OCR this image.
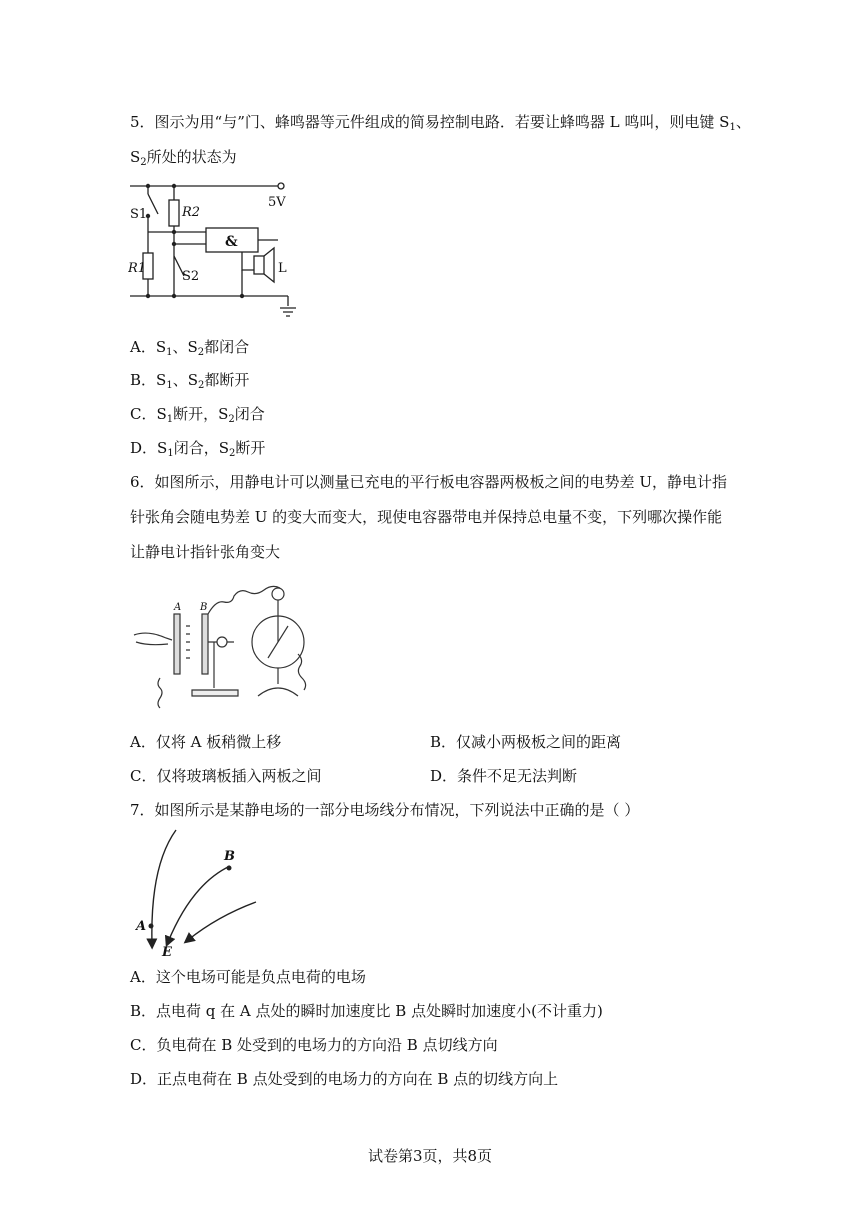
5．图示为用“与”门、蜂鸣器等元件组成的简易控制电路．若要让蜂鸣器 L 鸣叫，则电键 $S_1$、
$S_2$所处的状态为
5V
S1	R2
&
R1
S2
L
A．$S_1$、$S_2$都闭合
B．$S_1$、$S_2$都断开
C．$S_1$断开，$S_2$闭合
D．$S_1$闭合，$S_2$断开
6．如图所示，用静电计可以测量已充电的平行板电容器两极板之间的电势差 U，静电计指
针张角会随电势差 U 的变大而变大，现使电容器带电并保持总电量不变，下列哪次操作能
让静电计指针张角变大
A B
A．仅将 A 板稍微上移	B．仅减小两极板之间的距离
C．仅将玻璃板插入两板之间	D．条件不足无法判断
7．如图所示是某静电场的一部分电场线分布情况，下列说法中正确的是（ ）
B
A
E
A．这个电场可能是负点电荷的电场
B．点电荷 q 在 A 点处的瞬时加速度比 B 点处瞬时加速度小(不计重力)
C．负电荷在 B 处受到的电场力的方向沿 B 点切线方向
D．正点电荷在 B 点处受到的电场力的方向在 B 点的切线方向上
试卷第3页，共8页
